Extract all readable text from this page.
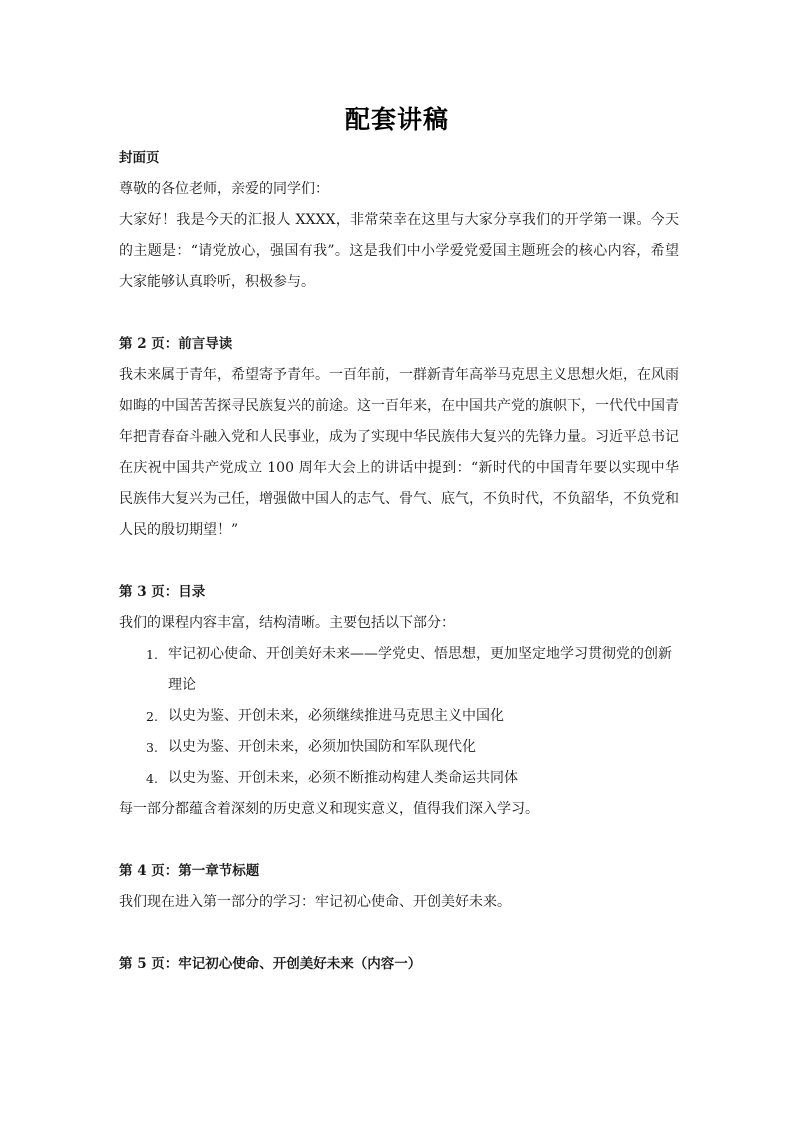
配套讲稿

封面页

尊敬的各位老师，亲爱的同学们：

大家好！我是今天的汇报人 XXXX，非常荣幸在这里与大家分享我们的开学第一课。今天的主题是：“请党放心，强国有我”。这是我们中小学爱党爱国主题班会的核心内容，希望大家能够认真聆听，积极参与。

第 2 页：前言导读

我未来属于青年，希望寄予青年。一百年前，一群新青年高举马克思主义思想火炬，在风雨如晦的中国苦苦探寻民族复兴的前途。这一百年来，在中国共产党的旗帜下，一代代中国青年把青春奋斗融入党和人民事业，成为了实现中华民族伟大复兴的先锋力量。习近平总书记在庆祝中国共产党成立 100 周年大会上的讲话中提到：“新时代的中国青年要以实现中华民族伟大复兴为己任，增强做中国人的志气、骨气、底气，不负时代，不负韶华，不负党和人民的殷切期望！”

第 3 页：目录

我们的课程内容丰富，结构清晰。主要包括以下部分：

1. 牢记初心使命、开创美好未来——学党史、悟思想，更加坚定地学习贯彻党的创新理论
2. 以史为鉴、开创未来，必须继续推进马克思主义中国化
3. 以史为鉴、开创未来，必须加快国防和军队现代化
4. 以史为鉴、开创未来，必须不断推动构建人类命运共同体

每一部分都蕴含着深刻的历史意义和现实意义，值得我们深入学习。

第 4 页：第一章节标题

我们现在进入第一部分的学习：牢记初心使命、开创美好未来。

第 5 页：牢记初心使命、开创美好未来（内容一）
